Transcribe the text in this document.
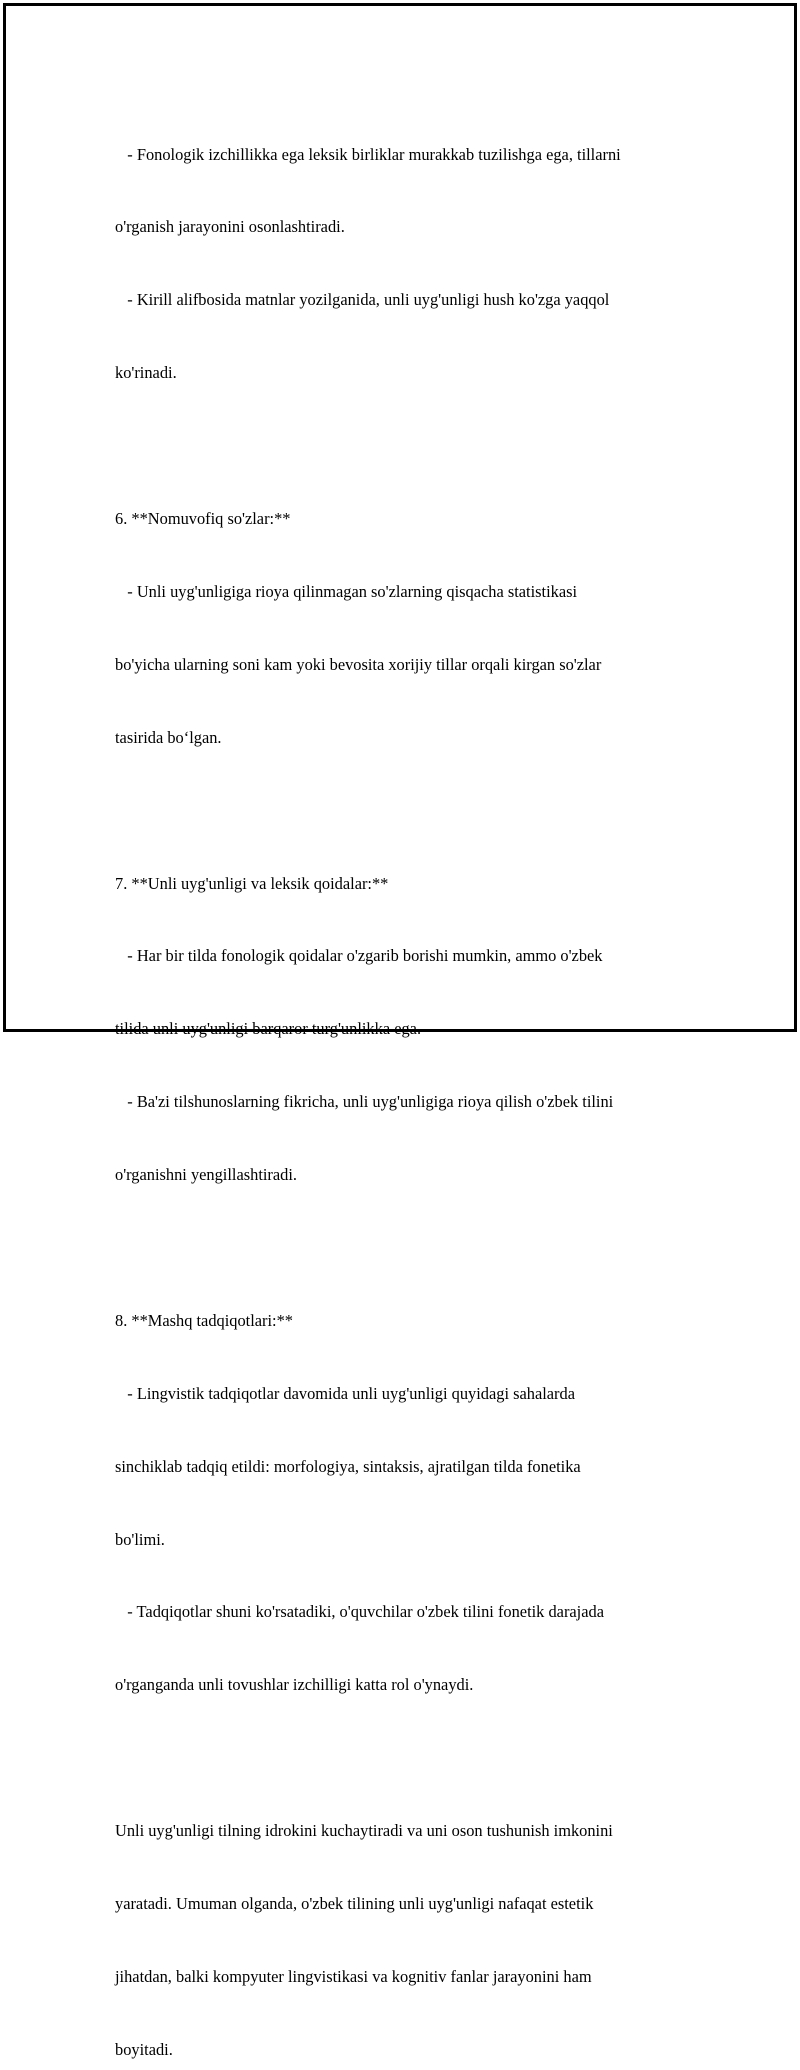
- Fonologik izchillikka ega leksik birliklar murakkab tuzilishga ega, tillarni

o'rganish jarayonini osonlashtiradi.

- Kirill alifbosida matnlar yozilganida, unli uyg'unligi hush ko'zga yaqqol

ko'rinadi.

6. **Nomuvofiq so'zlar:**

- Unli uyg'unligiga rioya qilinmagan so'zlarning qisqacha statistikasi

bo'yicha ularning soni kam yoki bevosita xorijiy tillar orqali kirgan so'zlar

tasirida bo‘lgan.

7. **Unli uyg'unligi va leksik qoidalar:**

- Har bir tilda fonologik qoidalar o'zgarib borishi mumkin, ammo o'zbek

tilida unli uyg'unligi barqaror turg'unlikka ega.

- Ba'zi tilshunoslarning fikricha, unli uyg'unligiga rioya qilish o'zbek tilini

o'rganishni yengillashtiradi.

8. **Mashq tadqiqotlari:**

- Lingvistik tadqiqotlar davomida unli uyg'unligi quyidagi sahalarda

sinchiklab tadqiq etildi: morfologiya, sintaksis, ajratilgan tilda fonetika

bo'limi.

- Tadqiqotlar shuni ko'rsatadiki, o'quvchilar o'zbek tilini fonetik darajada

o'rganganda unli tovushlar izchilligi katta rol o'ynaydi.

Unli uyg'unligi tilning idrokini kuchaytiradi va uni oson tushunish imkonini

yaratadi. Umuman olganda, o'zbek tilining unli uyg'unligi nafaqat estetik

jihatdan, balki kompyuter lingvistikasi va kognitiv fanlar jarayonini ham

boyitadi.
